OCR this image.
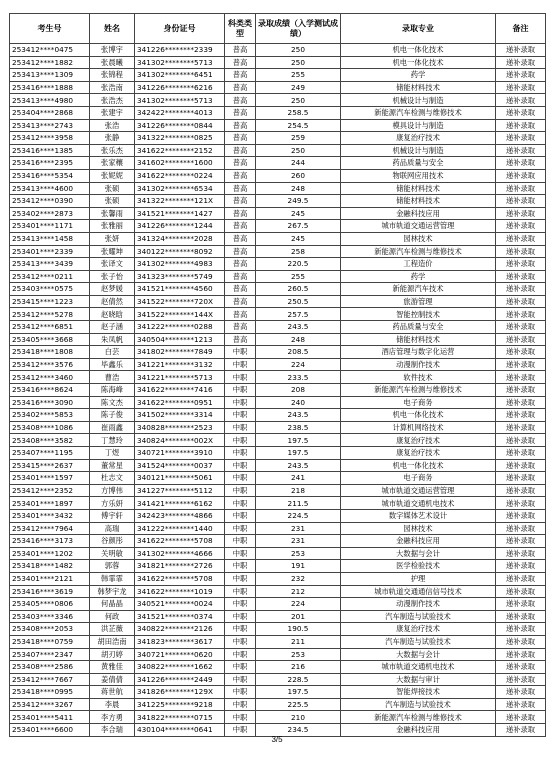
考生号	姓名	身份证号	科类类型	录取成绩（入学测试成绩）	录取专业	备注
253412****0475	张博宇	341226********2339	普高	250	机电一体化技术	递补录取
253412****1882	张晨曦	341302********5713	普高	250	机电一体化技术	递补录取
253413****1309	张锦程	341302********6451	普高	255	药学	递补录取
253416****1888	张浩南	341226********6216	普高	249	储能材料技术	递补录取
253413****4980	张浩杰	341302********5713	普高	250	机械设计与制造	递补录取
253404****2868	张建宇	342422********4013	普高	258.5	新能源汽车检测与维修技术	递补录取
253413****2743	张浩	341226********0844	普高	254.5	模具设计与制造	递补录取
253412****3958	张静	341322********0825	普高	259	康复治疗技术	递补录取
253416****1385	张乐杰	341622********2152	普高	250	机械设计与制造	递补录取
253416****2395	张家穰	341602********1600	普高	244	药品质量与安全	递补录取
253416****5354	张妮妮	341622********0224	普高	260	物联网应用技术	递补录取
253413****4600	张硕	341302********6534	普高	248	储能材料技术	递补录取
253412****0390	张硕	341322********121X	普高	249.5	储能材料技术	递补录取
253402****2873	张馨雨	341521********1427	普高	245	金融科技应用	递补录取
253401****1171	张雅丽	341226********1244	普高	267.5	城市轨道交通运营管理	递补录取
253413****1458	张妍	341324********2028	普高	245	园林技术	递补录取
253401****2339	张耀坤	340122********8092	普高	258	新能源汽车检测与维修技术	递补录取
253413****3439	张译文	341302********4983	普高	220.5	工程造价	递补录取
253412****0211	张子怡	341323********5749	普高	255	药学	递补录取
253403****0575	赵梦媛	341521********4560	普高	260.5	新能源汽车技术	递补录取
253415****1223	赵倩然	341522********720X	普高	250.5	旅游管理	递补录取
253412****5278	赵晓晗	341522********144X	普高	257.5	智能控制技术	递补录取
253412****6851	赵子涵	341222********0288	普高	243.5	药品质量与安全	递补录取
253405****3668	朱凤帆	340504********1213	普高	248	储能材料技术	递补录取
253418****1808	白芸	341802********7849	中职	208.5	酒店管理与数字化运营	递补录取
253412****3576	毕鑫乐	341221********3132	中职	224	动漫制作技术	递补录取
253412****3460	曹浩	341221********5713	中职	233.5	软件技术	递补录取
253416****8624	陈海峰	341622********7416	中职	208	新能源汽车检测与维修技术	递补录取
253416****3090	陈文杰	341622********0951	中职	240	电子商务	递补录取
253402****5853	陈子俊	341502********3314	中职	243.5	机电一体化技术	递补录取
253408****1086	崔雨鑫	340828********2523	中职	238.5	计算机网络技术	递补录取
253408****3582	丁慧玲	340824********002X	中职	197.5	康复治疗技术	递补录取
253407****1195	丁煜	340721********3910	中职	197.5	康复治疗技术	递补录取
253415****2637	董常星	341524********0037	中职	243.5	机电一体化技术	递补录取
253401****1597	杜志文	340121********5061	中职	241	电子商务	递补录取
253412****2352	方博伟	341227********5112	中职	218	城市轨道交通运营管理	递补录取
253401****1897	方乐妍	341421********6162	中职	211.5	城市轨道交通机电技术	递补录取
253401****3432	傅宇轩	342423********4866	中职	224.5	数字媒体艺术设计	递补录取
253412****7964	高瑞	341222********1440	中职	231	园林技术	递补录取
253416****3173	谷颜彤	341622********5708	中职	231	金融科技应用	递补录取
253401****1202	关明敏	341302********4666	中职	253	大数据与会计	递补录取
253418****1482	郭蓉	341821********2726	中职	191	医学检验技术	递补录取
253401****2121	韩霏霏	341622********5708	中职	232	护理	递补录取
253416****3619	韩梦宇龙	341622********1019	中职	212	城市轨道交通通信信号技术	递补录取
253405****0806	何晶晶	340521********0024	中职	224	动漫制作技术	递补录取
253403****3346	何政	341521********0374	中职	201	汽车制造与试验技术	递补录取
253408****2053	洪芷薇	340822********2126	中职	190.5	康复治疗技术	递补录取
253418****0759	胡田浩南	341823********3617	中职	211	汽车制造与试验技术	递补录取
253407****2347	胡刃婷	340721********0620	中职	253	大数据与会计	递补录取
253408****2586	黄雅佳	340822********1662	中职	216	城市轨道交通机电技术	递补录取
253412****7667	姜倩倩	341226********2449	中职	228.5	大数据与审计	递补录取
253418****0995	蒋世航	341826********129X	中职	197.5	智能焊接技术	递补录取
253412****3267	李晨	341225********9218	中职	225.5	汽车制造与试验技术	递补录取
253401****5411	李方勇	341822********0715	中职	210	新能源汽车检测与维修技术	递补录取
253401****6600	李合瑞	430104********0641	中职	234.5	金融科技应用	递补录取
3/5
